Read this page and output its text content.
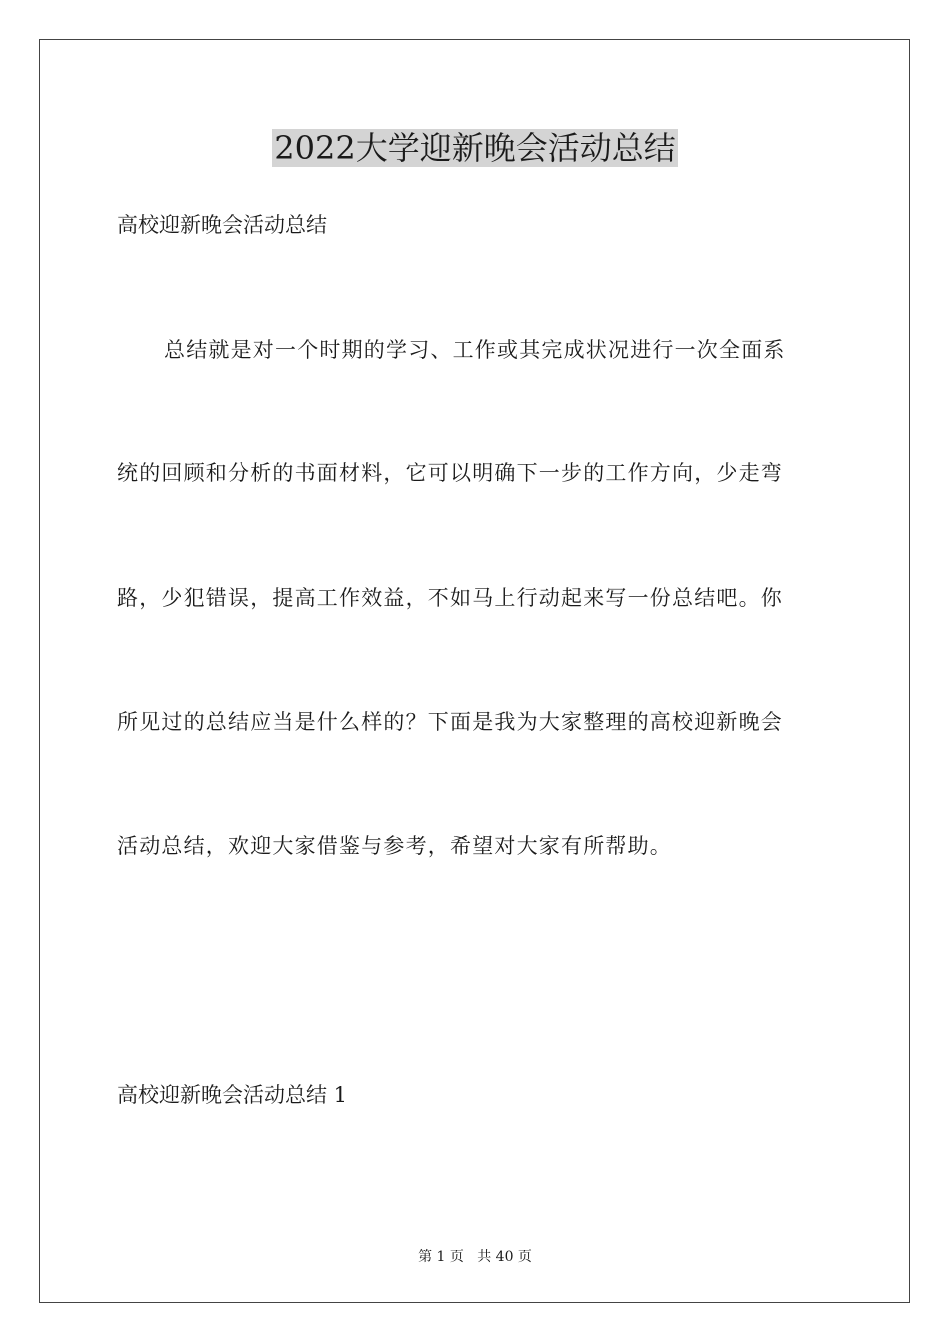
2022大学迎新晚会活动总结
高校迎新晚会活动总结
总结就是对一个时期的学习、工作或其完成状况进行一次全面系
统的回顾和分析的书面材料，它可以明确下一步的工作方向，少走弯
路，少犯错误，提高工作效益，不如马上行动起来写一份总结吧。你
所见过的总结应当是什么样的？下面是我为大家整理的高校迎新晚会
活动总结，欢迎大家借鉴与参考，希望对大家有所帮助。
高校迎新晚会活动总结 1
第 1 页   共 40 页
